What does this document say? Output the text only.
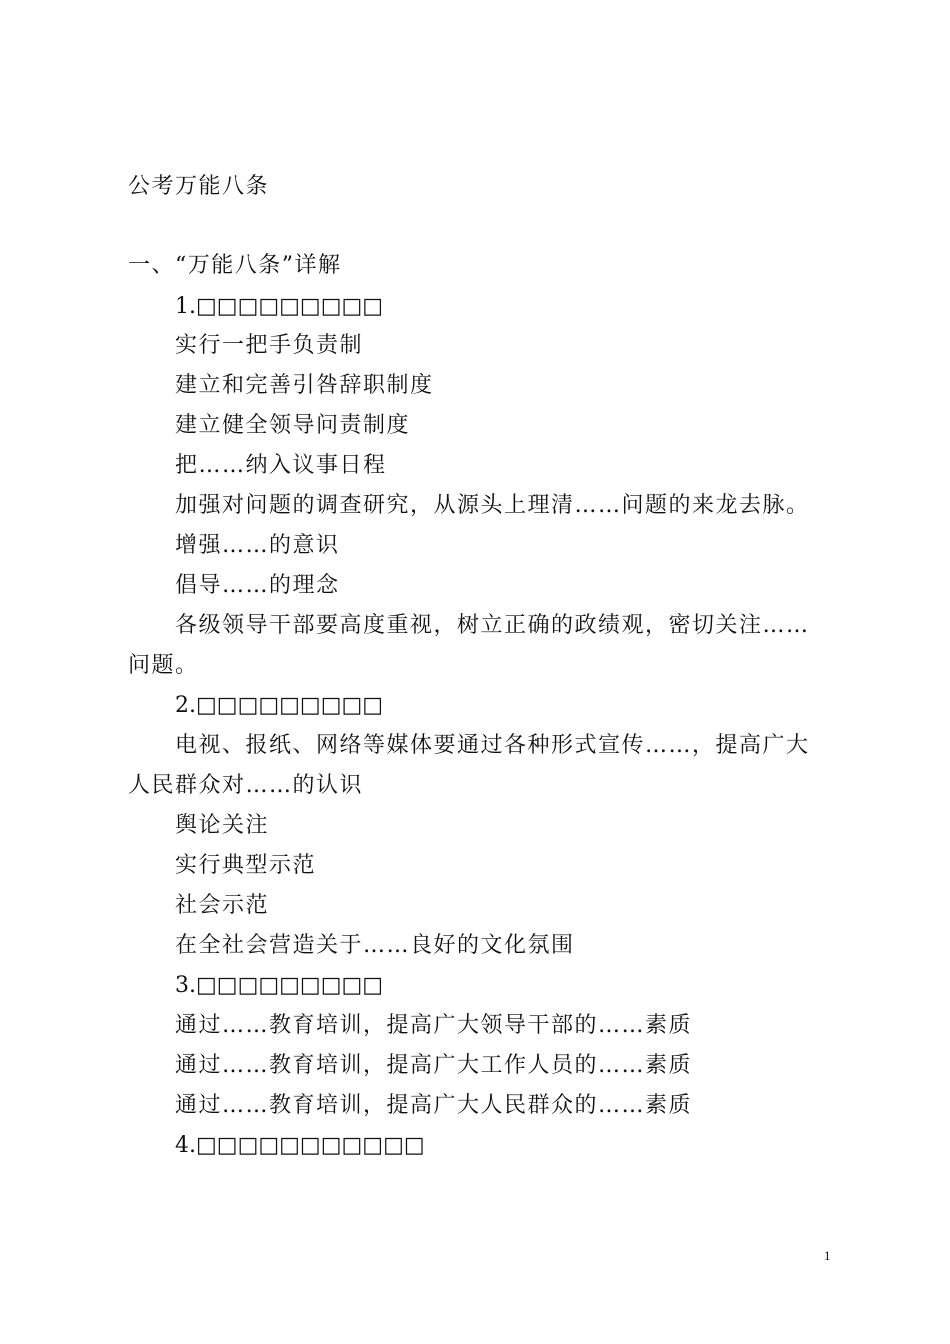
公考万能八条
一、“万能八条”详解
1.□□□□□□□□□
实行一把手负责制
建立和完善引咎辞职制度
建立健全领导问责制度
把……纳入议事日程
加强对问题的调查研究，从源头上理清……问题的来龙去脉。
增强……的意识
倡导……的理念
各级领导干部要高度重视，树立正确的政绩观，密切关注……
问题。
2.□□□□□□□□□
电视、报纸、网络等媒体要通过各种形式宣传……，提高广大
人民群众对……的认识
舆论关注
实行典型示范
社会示范
在全社会营造关于……良好的文化氛围
3.□□□□□□□□□
通过……教育培训，提高广大领导干部的……素质
通过……教育培训，提高广大工作人员的……素质
通过……教育培训，提高广大人民群众的……素质
4.□□□□□□□□□□□
1
